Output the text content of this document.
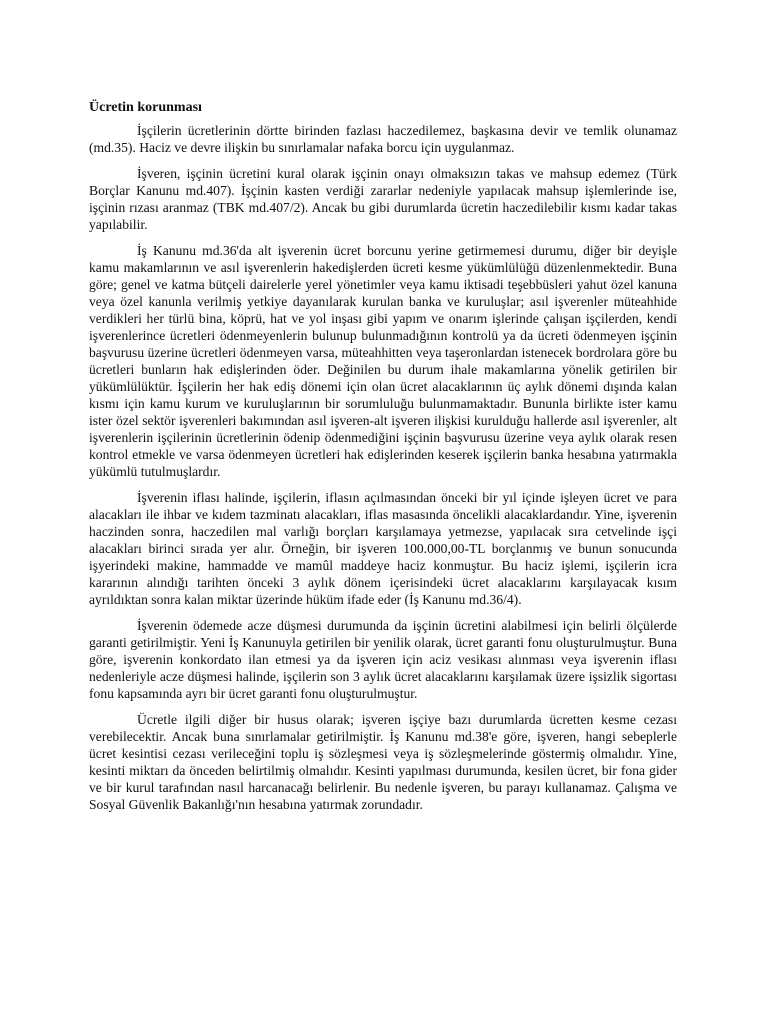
Ücretin korunması

İşçilerin ücretlerinin dörtte birinden fazlası haczedilemez, başkasına devir ve temlik olunamaz (md.35). Haciz ve devre ilişkin bu sınırlamalar nafaka borcu için uygulanmaz.

İşveren, işçinin ücretini kural olarak işçinin onayı olmaksızın takas ve mahsup edemez (Türk Borçlar Kanunu md.407). İşçinin kasten verdiği zararlar nedeniyle yapılacak mahsup işlemlerinde ise, işçinin rızası aranmaz (TBK md.407/2). Ancak bu gibi durumlarda ücretin haczedilebilir kısmı kadar takas yapılabilir.

İş Kanunu md.36'da alt işverenin ücret borcunu yerine getirmemesi durumu, diğer bir deyişle kamu makamlarının ve asıl işverenlerin hakedişlerden ücreti kesme yükümlülüğü düzenlenmektedir. Buna göre; genel ve katma bütçeli dairelerle yerel yönetimler veya kamu iktisadi teşebbüsleri yahut özel kanuna veya özel kanunla verilmiş yetkiye dayanılarak kurulan banka ve kuruluşlar; asıl işverenler müteahhide verdikleri her türlü bina, köprü, hat ve yol inşası gibi yapım ve onarım işlerinde çalışan işçilerden, kendi işverenlerince ücretleri ödenmeyenlerin bulunup bulunmadığının kontrolü ya da ücreti ödenmeyen işçinin başvurusu üzerine ücretleri ödenmeyen varsa, müteahhitten veya taşeronlardan istenecek bordrolara göre bu ücretleri bunların hak edişlerinden öder. Değinilen bu durum ihale makamlarına yönelik getirilen bir yükümlülüktür. İşçilerin her hak ediş dönemi için olan ücret alacaklarının üç aylık dönemi dışında kalan kısmı için kamu kurum ve kuruluşlarının bir sorumluluğu bulunmamaktadır. Bununla birlikte ister kamu ister özel sektör işverenleri bakımından asıl işveren-alt işveren ilişkisi kurulduğu hallerde asıl işverenler, alt işverenlerin işçilerinin ücretlerinin ödenip ödenmediğini işçinin başvurusu üzerine veya aylık olarak resen kontrol etmekle ve varsa ödenmeyen ücretleri hak edişlerinden keserek işçilerin banka hesabına yatırmakla yükümlü tutulmuşlardır.

İşverenin iflası halinde, işçilerin, iflasın açılmasından önceki bir yıl içinde işleyen ücret ve para alacakları ile ihbar ve kıdem tazminatı alacakları, iflas masasında öncelikli alacaklardandır. Yine, işverenin haczinden sonra, haczedilen mal varlığı borçları karşılamaya yetmezse, yapılacak sıra cetvelinde işçi alacakları birinci sırada yer alır. Örneğin, bir işveren 100.000,00-TL borçlanmış ve bunun sonucunda işyerindeki makine, hammadde ve mamûl maddeye haciz konmuştur. Bu haciz işlemi, işçilerin icra kararının alındığı tarihten önceki 3 aylık dönem içerisindeki ücret alacaklarını karşılayacak kısım ayrıldıktan sonra kalan miktar üzerinde hüküm ifade eder (İş Kanunu md.36/4).

İşverenin ödemede acze düşmesi durumunda da işçinin ücretini alabilmesi için belirli ölçülerde garanti getirilmiştir. Yeni İş Kanunuyla getirilen bir yenilik olarak, ücret garanti fonu oluşturulmuştur. Buna göre, işverenin konkordato ilan etmesi ya da işveren için aciz vesikası alınması veya işverenin iflası nedenleriyle acze düşmesi halinde, işçilerin son 3 aylık ücret alacaklarını karşılamak üzere işsizlik sigortası fonu kapsamında ayrı bir ücret garanti fonu oluşturulmuştur.

Ücretle ilgili diğer bir husus olarak; işveren işçiye bazı durumlarda ücretten kesme cezası verebilecektir. Ancak buna sınırlamalar getirilmiştir. İş Kanunu md.38'e göre, işveren, hangi sebeplerle ücret kesintisi cezası verileceğini toplu iş sözleşmesi veya iş sözleşmelerinde göstermiş olmalıdır. Yine, kesinti miktarı da önceden belirtilmiş olmalıdır. Kesinti yapılması durumunda, kesilen ücret, bir fona gider ve bir kurul tarafından nasıl harcanacağı belirlenir. Bu nedenle işveren, bu parayı kullanamaz. Çalışma ve Sosyal Güvenlik Bakanlığı'nın hesabına yatırmak zorundadır.
